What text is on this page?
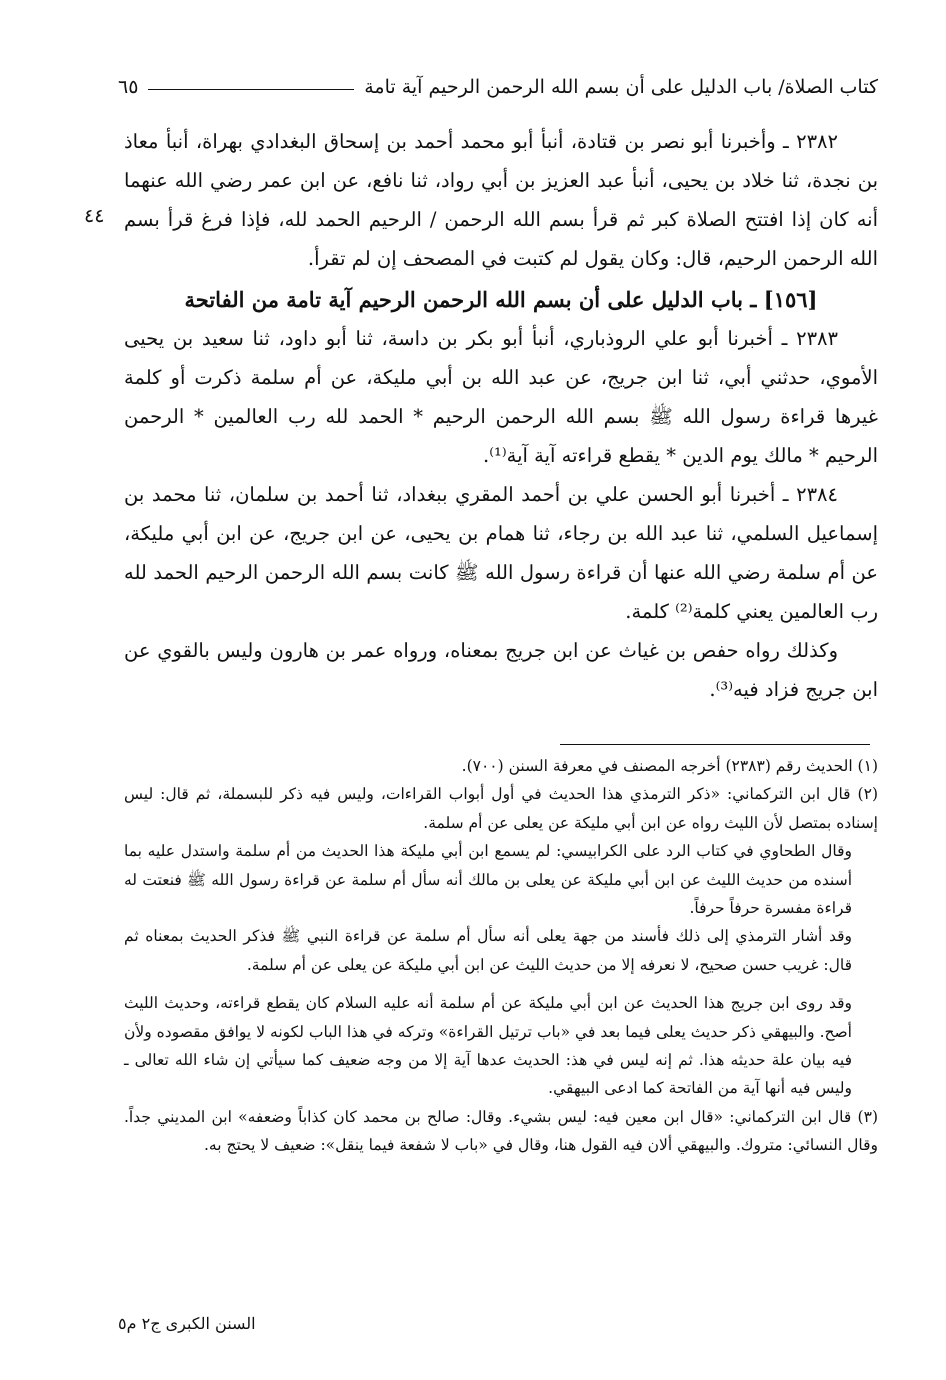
كتاب الصلاة/ باب الدليل على أن بسم الله الرحمن الرحيم آية تامة
٦٥
٤٤

٢٣٨٢ ـ وأخبرنا أبو نصر بن قتادة، أنبأ أبو محمد أحمد بن إسحاق البغدادي بهراة، أنبأ معاذ بن نجدة، ثنا خلاد بن يحيى، أنبأ عبد العزيز بن أبي رواد، ثنا نافع، عن ابن عمر رضي الله عنهما أنه كان إذا افتتح الصلاة كبر ثم قرأ بسم الله الرحمن / الرحيم الحمد لله، فإذا فرغ قرأ بسم الله الرحمن الرحيم، قال: وكان يقول لم كتبت في المصحف إن لم تقرأ.

[١٥٦] ـ باب الدليل على أن بسم الله الرحمن الرحيم آية تامة من الفاتحة

٢٣٨٣ ـ أخبرنا أبو علي الروذباري، أنبأ أبو بكر بن داسة، ثنا أبو داود، ثنا سعيد بن يحيى الأموي، حدثني أبي، ثنا ابن جريج، عن عبد الله بن أبي مليكة، عن أم سلمة ذكرت أو كلمة غيرها قراءة رسول الله ﷺ بسم الله الرحمن الرحيم * الحمد لله رب العالمين * الرحمن الرحيم * مالك يوم الدين * يقطع قراءته آية آية⁽¹⁾.

٢٣٨٤ ـ أخبرنا أبو الحسن علي بن أحمد المقري ببغداد، ثنا أحمد بن سلمان، ثنا محمد بن إسماعيل السلمي، ثنا عبد الله بن رجاء، ثنا همام بن يحيى، عن ابن جريج، عن ابن أبي مليكة، عن أم سلمة رضي الله عنها أن قراءة رسول الله ﷺ كانت بسم الله الرحمن الرحيم الحمد لله رب العالمين يعني كلمة⁽²⁾ كلمة.

وكذلك رواه حفص بن غياث عن ابن جريج بمعناه، ورواه عمر بن هارون وليس بالقوي عن ابن جريج فزاد فيه⁽³⁾.

(١) الحديث رقم (٢٣٨٣) أخرجه المصنف في معرفة السنن (٧٠٠).

(٢) قال ابن التركماني: «ذكر الترمذي هذا الحديث في أول أبواب القراءات، وليس فيه ذكر للبسملة، ثم قال: ليس إسناده بمتصل لأن الليث رواه عن ابن أبي مليكة عن يعلى عن أم سلمة.

وقال الطحاوي في كتاب الرد على الكرابيسي: لم يسمع ابن أبي مليكة هذا الحديث من أم سلمة واستدل عليه بما أسنده من حديث الليث عن ابن أبي مليكة عن يعلى بن مالك أنه سأل أم سلمة عن قراءة رسول الله ﷺ فنعتت له قراءة مفسرة حرفاً حرفاً.

وقد أشار الترمذي إلى ذلك فأسند من جهة يعلى أنه سأل أم سلمة عن قراءة النبي ﷺ فذكر الحديث بمعناه ثم قال: غريب حسن صحيح، لا نعرفه إلا من حديث الليث عن ابن أبي مليكة عن يعلى عن أم سلمة.

وقد روى ابن جريج هذا الحديث عن ابن أبي مليكة عن أم سلمة أنه عليه السلام كان يقطع قراءته، وحديث الليث أصح. والبيهقي ذكر حديث يعلى فيما بعد في «باب ترتيل القراءة» وتركه في هذا الباب لكونه لا يوافق مقصوده ولأن فيه بيان علة حديثه هذا. ثم إنه ليس في هذ: الحديث عدها آية إلا من وجه ضعيف كما سيأتي إن شاء الله تعالى ـ وليس فيه أنها آية من الفاتحة كما ادعى البيهقي.

(٣) قال ابن التركماني: «قال ابن معين فيه: ليس بشيء. وقال: صالح بن محمد كان كذاباً وضعفه» ابن المديني جداً. وقال النسائي: متروك. والبيهقي ألان فيه القول هنا، وقال في «باب لا شفعة فيما ينقل»: ضعيف لا يحتج به.

السنن الكبرى ج٢ م٥
